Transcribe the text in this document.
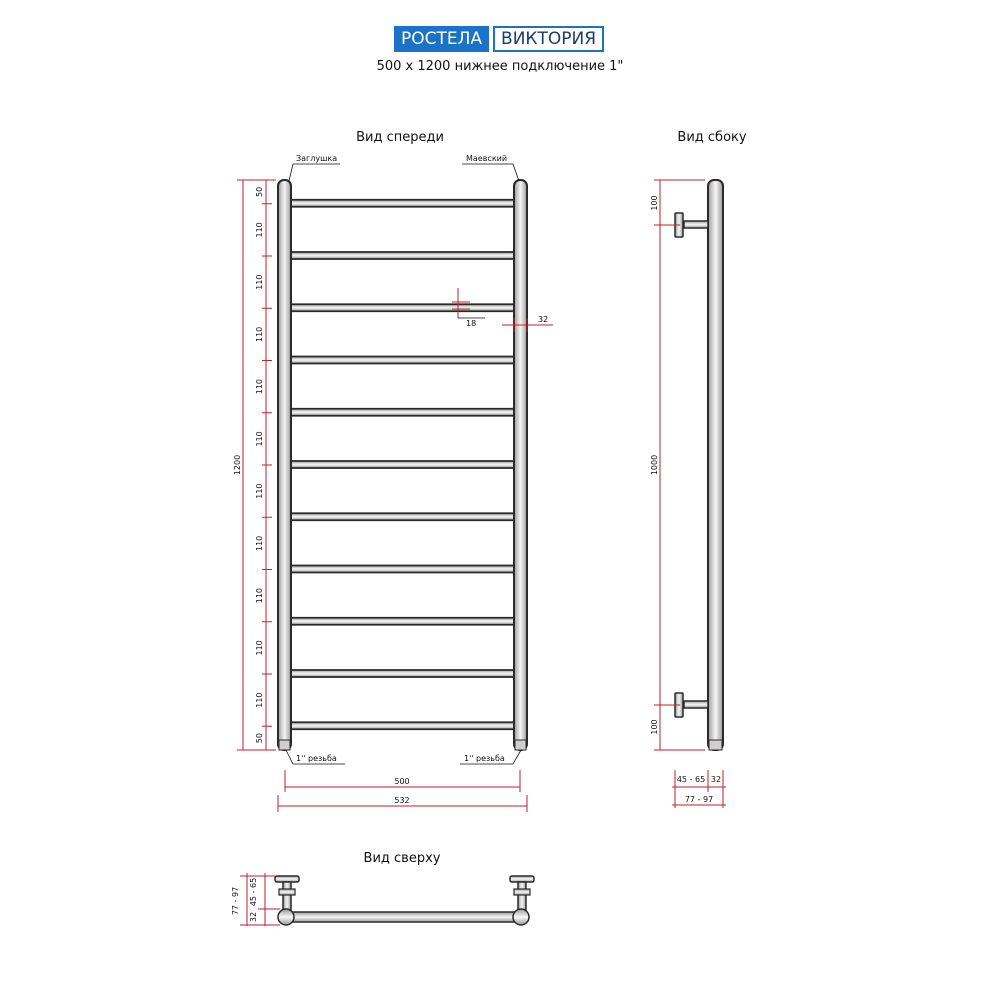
РОСТЕЛА	ВИКТОРИЯ
500 x 1200 нижнее подключение 1"
Вид спереди
Заглушка	Маевский
1'' резьба	1'' резьба
1200
50
110
110
110
110
110
110
110
110
110
110
50
18	32
500
532
Вид сбоку
100
1000
100
45 - 65 32
77 - 97
Вид сверху
77 - 97
32
45 - 65
